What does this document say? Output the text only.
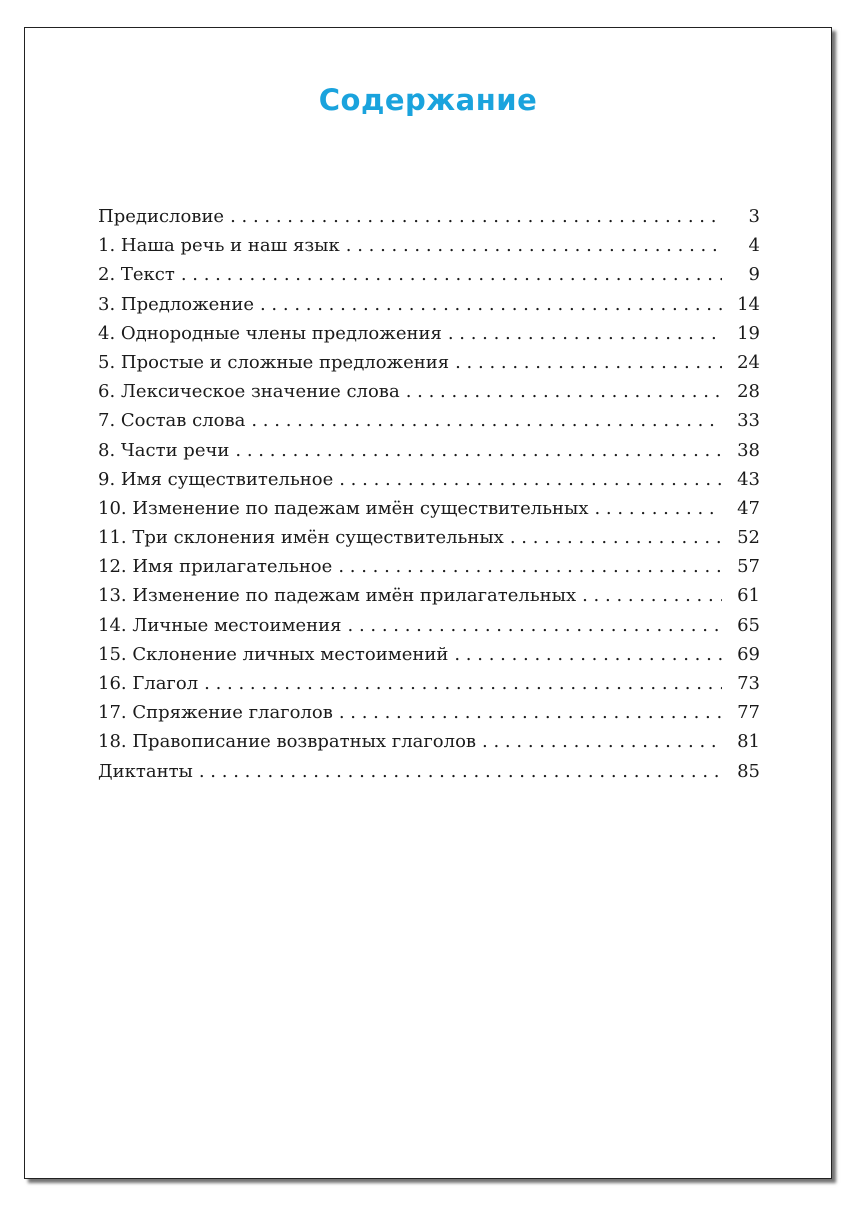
Содержание
Предисловие . . .	3
1. Наша речь и наш язык . . .	4
2. Текст . . .	9
3. Предложение . . .	14
4. Однородные члены предложения . . .	19
5. Простые и сложные предложения . . .	24
6. Лексическое значение слова . . .	28
7. Состав слова . . .	33
8. Части речи . . .	38
9. Имя существительное . . .	43
10. Изменение по падежам имён существительных . . .	47
11. Три склонения имён существительных . . .	52
12. Имя прилагательное . . .	57
13. Изменение по падежам имён прилагательных . . .	61
14. Личные местоимения . . .	65
15. Склонение личных местоимений . . .	69
16. Глагол . . .	73
17. Спряжение глаголов . . .	77
18. Правописание возвратных глаголов . . .	81
Диктанты . . .	85
